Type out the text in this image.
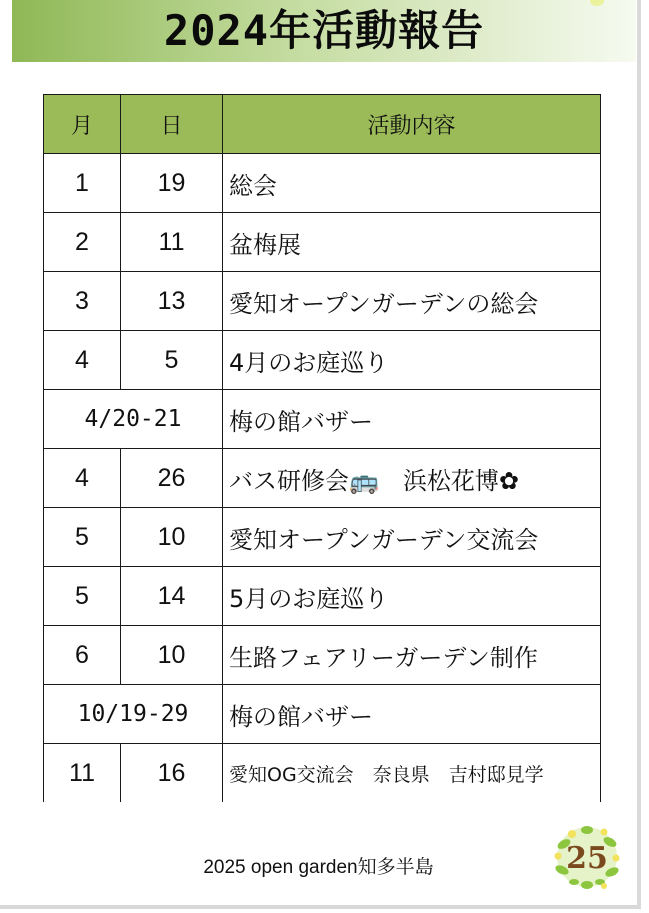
2024年活動報告
月	日	活動内容
1	19	総会
2	11	盆梅展
3	13	愛知オープンガーデンの総会
4	5	4月のお庭巡り
4/20-21		梅の館バザー
4	26	バス研修会🚌　浜松花博✿
5	10	愛知オープンガーデン交流会
5	14	5月のお庭巡り
6	10	生路フェアリーガーデン制作
10/19-29		梅の館バザー
11	16	愛知OG交流会　奈良県　吉村邸見学
2025 open garden知多半島	25
